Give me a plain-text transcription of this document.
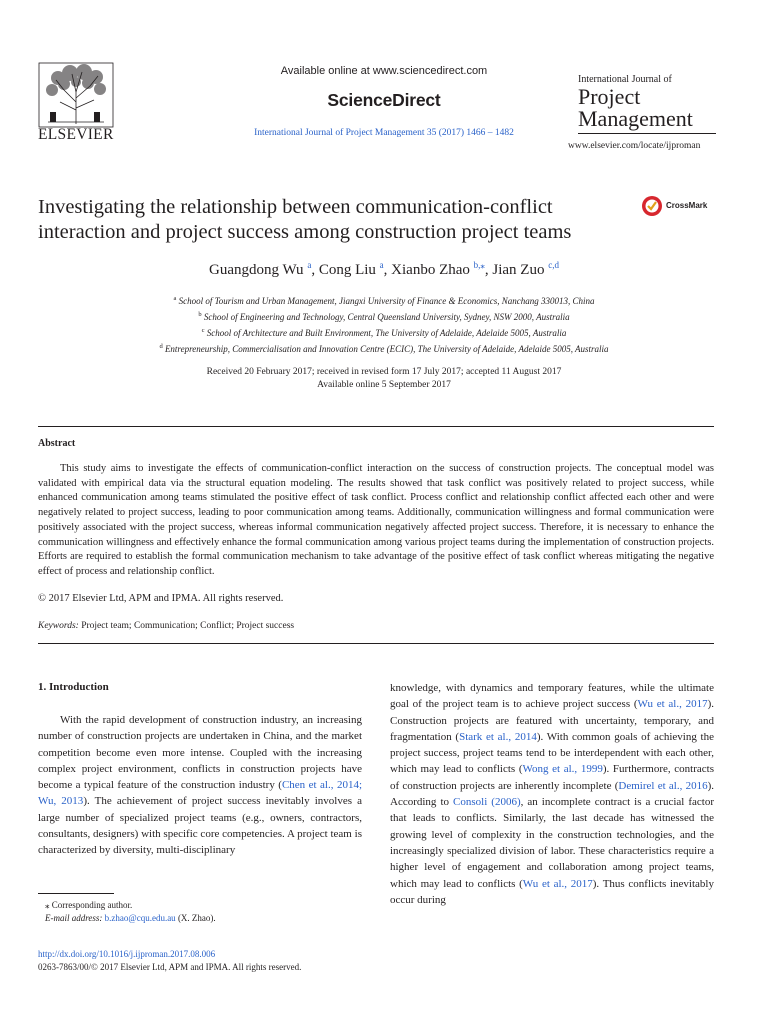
ELSEVIER
Available online at www.sciencedirect.com
ScienceDirect
International Journal of Project Management 35 (2017) 1466 – 1482
International Journal of
Project
Management
www.elsevier.com/locate/ijproman
Investigating the relationship between communication-conflict
interaction and project success among construction project teams
CrossMark
Guangdong Wu $^a$, Cong Liu $^a$, Xianbo Zhao $^{b,⁎}$, Jian Zuo $^{c,d}$
$^a$ School of Tourism and Urban Management, Jiangxi University of Finance & Economics, Nanchang 330013, China
$^b$ School of Engineering and Technology, Central Queensland University, Sydney, NSW 2000, Australia
$^c$ School of Architecture and Built Environment, The University of Adelaide, Adelaide 5005, Australia
$^d$ Entrepreneurship, Commercialisation and Innovation Centre (ECIC), The University of Adelaide, Adelaide 5005, Australia
Received 20 February 2017; received in revised form 17 July 2017; accepted 11 August 2017
Available online 5 September 2017
Abstract
This study aims to investigate the effects of communication-conflict interaction on the success of construction projects. The conceptual model was validated with empirical data via the structural equation modeling. The results showed that task conflict was positively related to project success, while enhanced communication among teams stimulated the positive effect of task conflict. Process conflict and relationship conflict affected each other and were negatively related to project success, leading to poor communication among teams. Additionally, communication willingness and formal communication were positively associated with the project success, whereas informal communication negatively affected project success. Therefore, it is necessary to enhance the communication willingness and effectively enhance the formal communication among various project teams during the implementation of construction projects. Efforts are required to establish the formal communication mechanism to take advantage of the positive effect of task conflict whereas mitigating the negative effect of process and relationship conflict.
© 2017 Elsevier Ltd, APM and IPMA. All rights reserved.
Keywords: Project team; Communication; Conflict; Project success
1. Introduction
With the rapid development of construction industry, an increasing number of construction projects are undertaken in China, and the market competition become even more intense. Coupled with the increasing complex project environment, conflicts in construction projects have become a typical feature of the construction industry (Chen et al., 2014; Wu, 2013). The achievement of project success inevitably involves a large number of specialized project teams (e.g., owners, contractors, consultants, designers) with specific core competencies. A project team is characterized by diversity, multi-disciplinary
knowledge, with dynamics and temporary features, while the ultimate goal of the project team is to achieve project success (Wu et al., 2017). Construction projects are featured with uncertainty, temporary, and fragmentation (Stark et al., 2014). With common goals of achieving the project success, project teams tend to be interdependent with each other, which may lead to conflicts (Wong et al., 1999). Furthermore, contracts of construction projects are inherently incomplete (Demirel et al., 2016). According to Consoli (2006), an incomplete contract is a crucial factor that leads to conflicts. Similarly, the last decade has witnessed the growing level of complexity in the construction technologies, and the increasingly specialized division of labor. These characteristics require a higher level of engagement and collaboration among project teams, which may lead to conflicts (Wu et al., 2017). Thus conflicts inevitably occur during
⁎ Corresponding author.
E-mail address: b.zhao@cqu.edu.au (X. Zhao).
http://dx.doi.org/10.1016/j.ijproman.2017.08.006
0263-7863/00/© 2017 Elsevier Ltd, APM and IPMA. All rights reserved.
